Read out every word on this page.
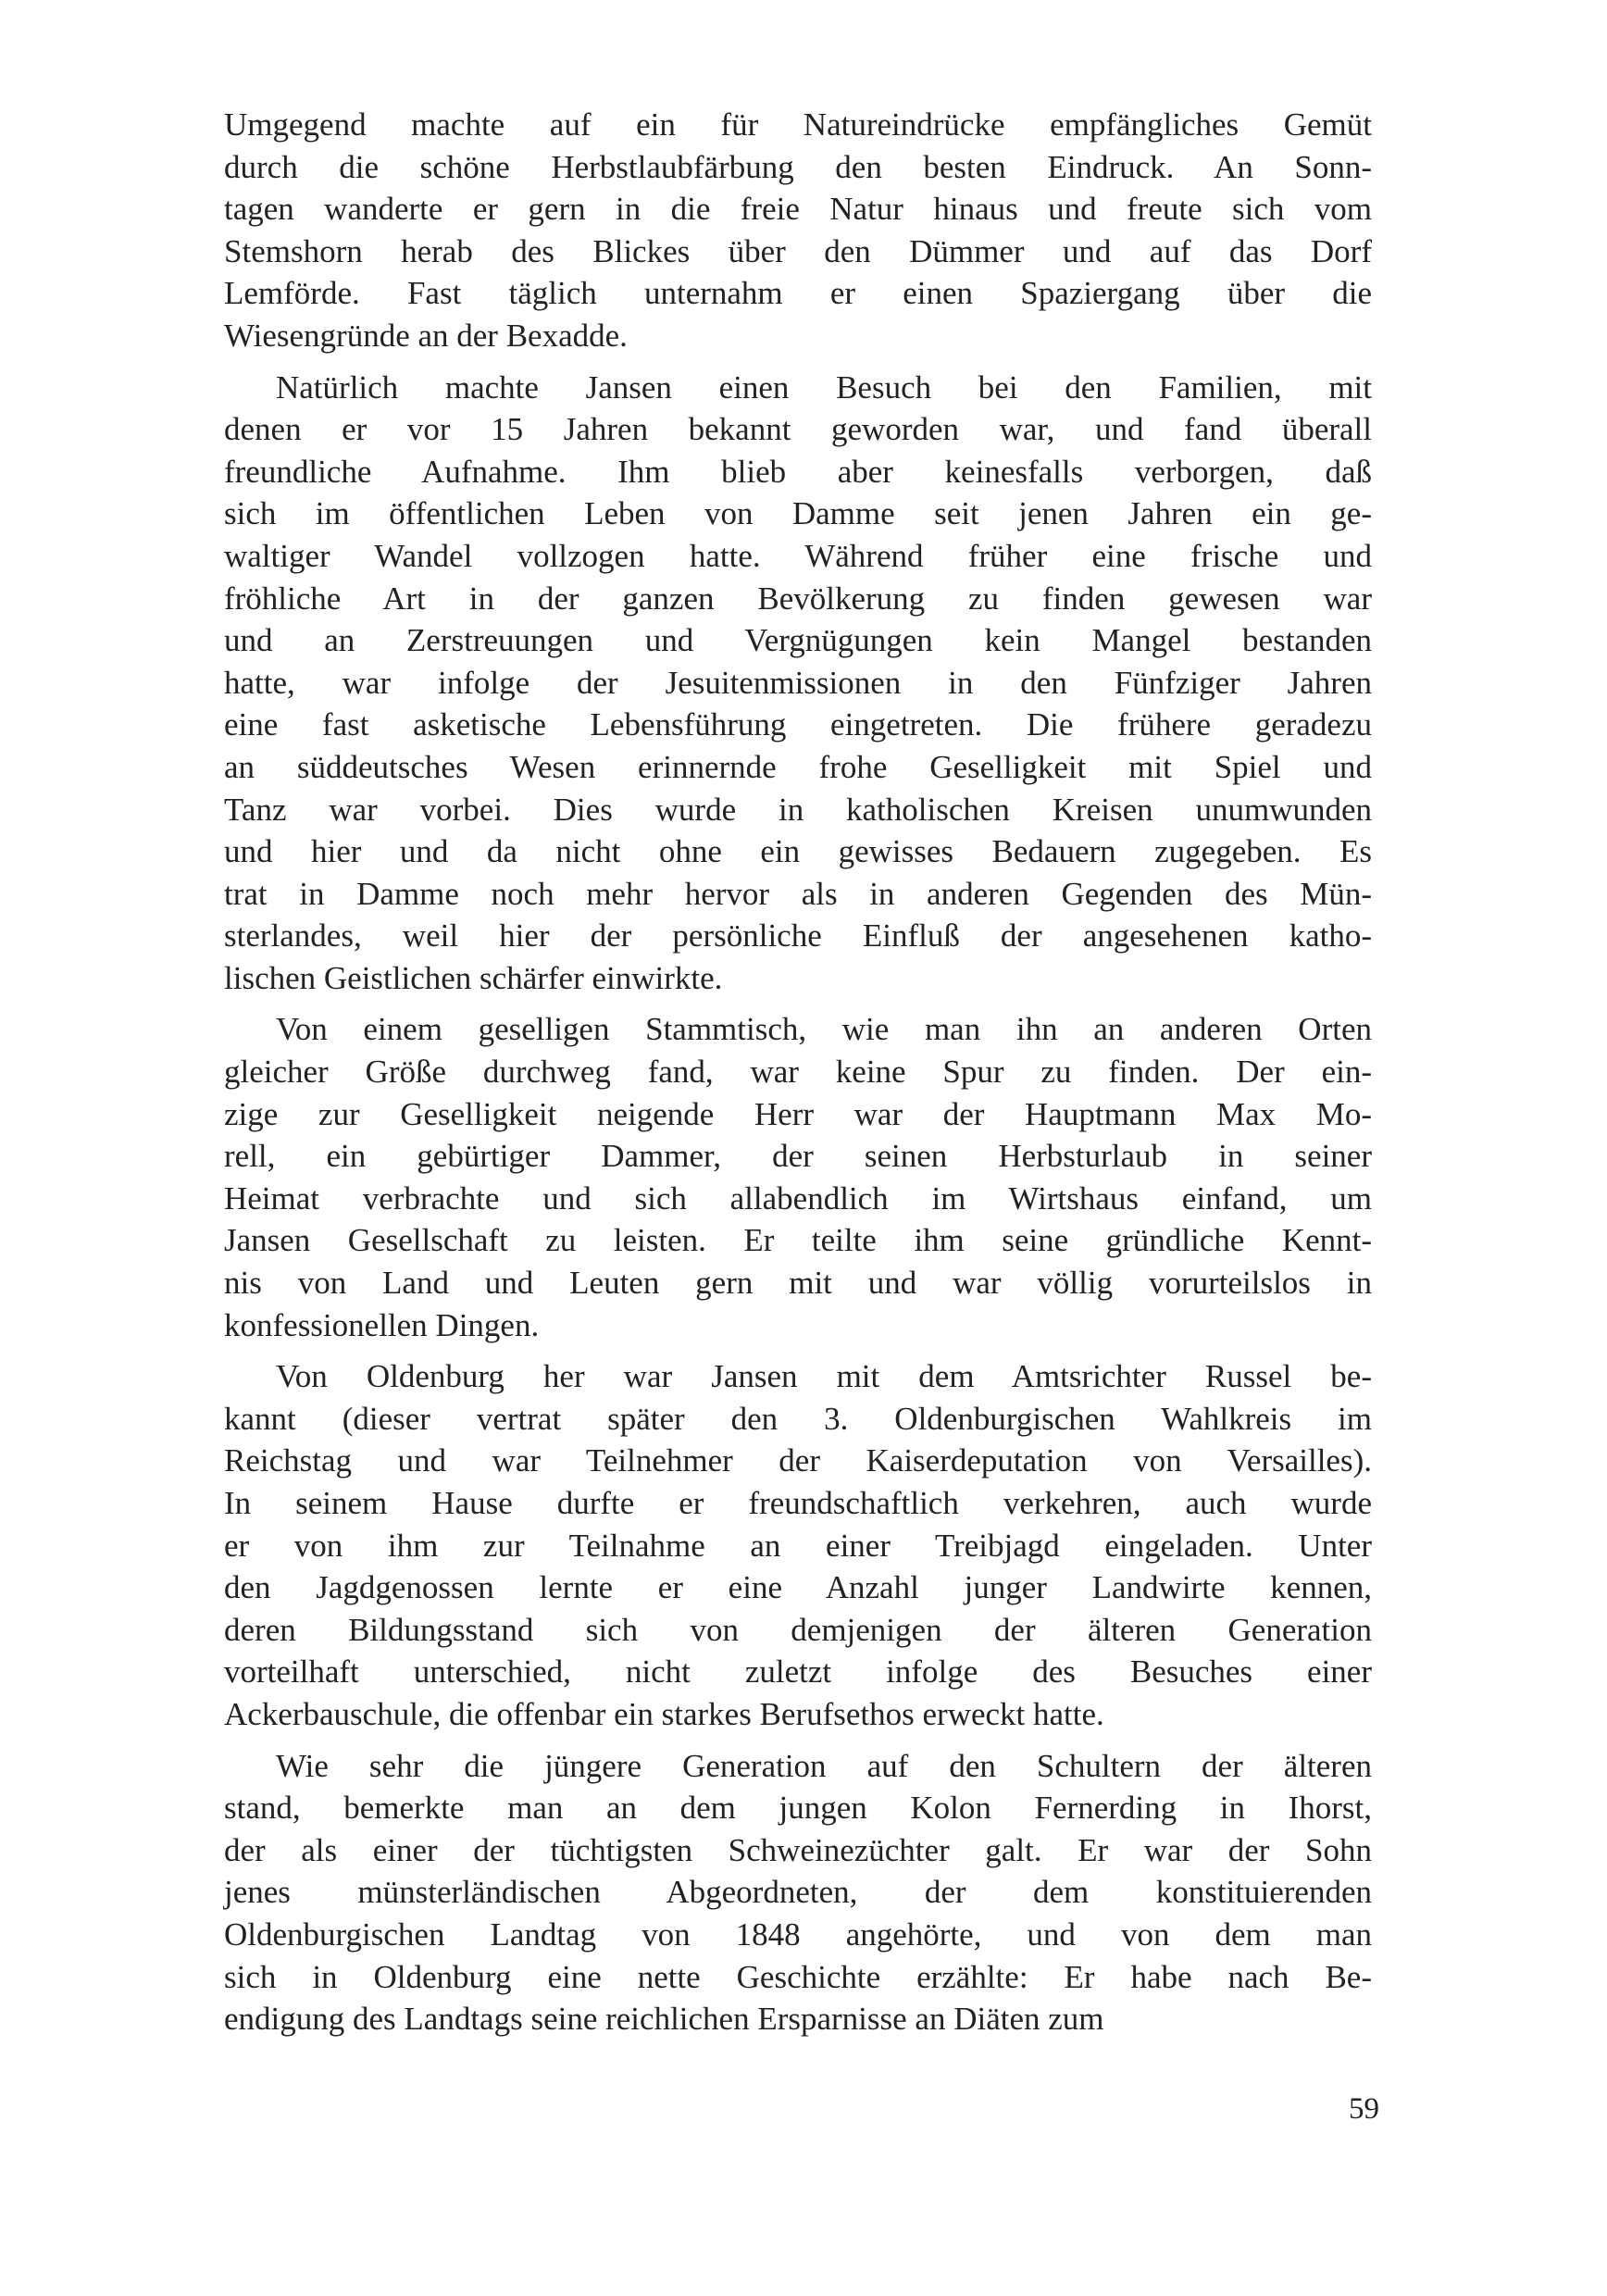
Umgegend machte auf ein für Natureindrücke empfängliches Gemüt
durch die schöne Herbstlaubfärbung den besten Eindruck. An Sonn-
tagen wanderte er gern in die freie Natur hinaus und freute sich vom
Stemshorn herab des Blickes über den Dümmer und auf das Dorf
Lemförde. Fast täglich unternahm er einen Spaziergang über die
Wiesengründe an der Bexadde.
Natürlich machte Jansen einen Besuch bei den Familien, mit
denen er vor 15 Jahren bekannt geworden war, und fand überall
freundliche Aufnahme. Ihm blieb aber keinesfalls verborgen, daß
sich im öffentlichen Leben von Damme seit jenen Jahren ein ge-
waltiger Wandel vollzogen hatte. Während früher eine frische und
fröhliche Art in der ganzen Bevölkerung zu finden gewesen war
und an Zerstreuungen und Vergnügungen kein Mangel bestanden
hatte, war infolge der Jesuitenmissionen in den Fünfziger Jahren
eine fast asketische Lebensführung eingetreten. Die frühere geradezu
an süddeutsches Wesen erinnernde frohe Geselligkeit mit Spiel und
Tanz war vorbei. Dies wurde in katholischen Kreisen unumwunden
und hier und da nicht ohne ein gewisses Bedauern zugegeben. Es
trat in Damme noch mehr hervor als in anderen Gegenden des Mün-
sterlandes, weil hier der persönliche Einfluß der angesehenen katho-
lischen Geistlichen schärfer einwirkte.
Von einem geselligen Stammtisch, wie man ihn an anderen Orten
gleicher Größe durchweg fand, war keine Spur zu finden. Der ein-
zige zur Geselligkeit neigende Herr war der Hauptmann Max Mo-
rell, ein gebürtiger Dammer, der seinen Herbsturlaub in seiner
Heimat verbrachte und sich allabendlich im Wirtshaus einfand, um
Jansen Gesellschaft zu leisten. Er teilte ihm seine gründliche Kennt-
nis von Land und Leuten gern mit und war völlig vorurteilslos in
konfessionellen Dingen.
Von Oldenburg her war Jansen mit dem Amtsrichter Russel be-
kannt (dieser vertrat später den 3. Oldenburgischen Wahlkreis im
Reichstag und war Teilnehmer der Kaiserdeputation von Versailles).
In seinem Hause durfte er freundschaftlich verkehren, auch wurde
er von ihm zur Teilnahme an einer Treibjagd eingeladen. Unter
den Jagdgenossen lernte er eine Anzahl junger Landwirte kennen,
deren Bildungsstand sich von demjenigen der älteren Generation
vorteilhaft unterschied, nicht zuletzt infolge des Besuches einer
Ackerbauschule, die offenbar ein starkes Berufsethos erweckt hatte.
Wie sehr die jüngere Generation auf den Schultern der älteren
stand, bemerkte man an dem jungen Kolon Fernerding in Ihorst,
der als einer der tüchtigsten Schweinezüchter galt. Er war der Sohn
jenes münsterländischen Abgeordneten, der dem konstituierenden
Oldenburgischen Landtag von 1848 angehörte, und von dem man
sich in Oldenburg eine nette Geschichte erzählte: Er habe nach Be-
endigung des Landtags seine reichlichen Ersparnisse an Diäten zum
59
